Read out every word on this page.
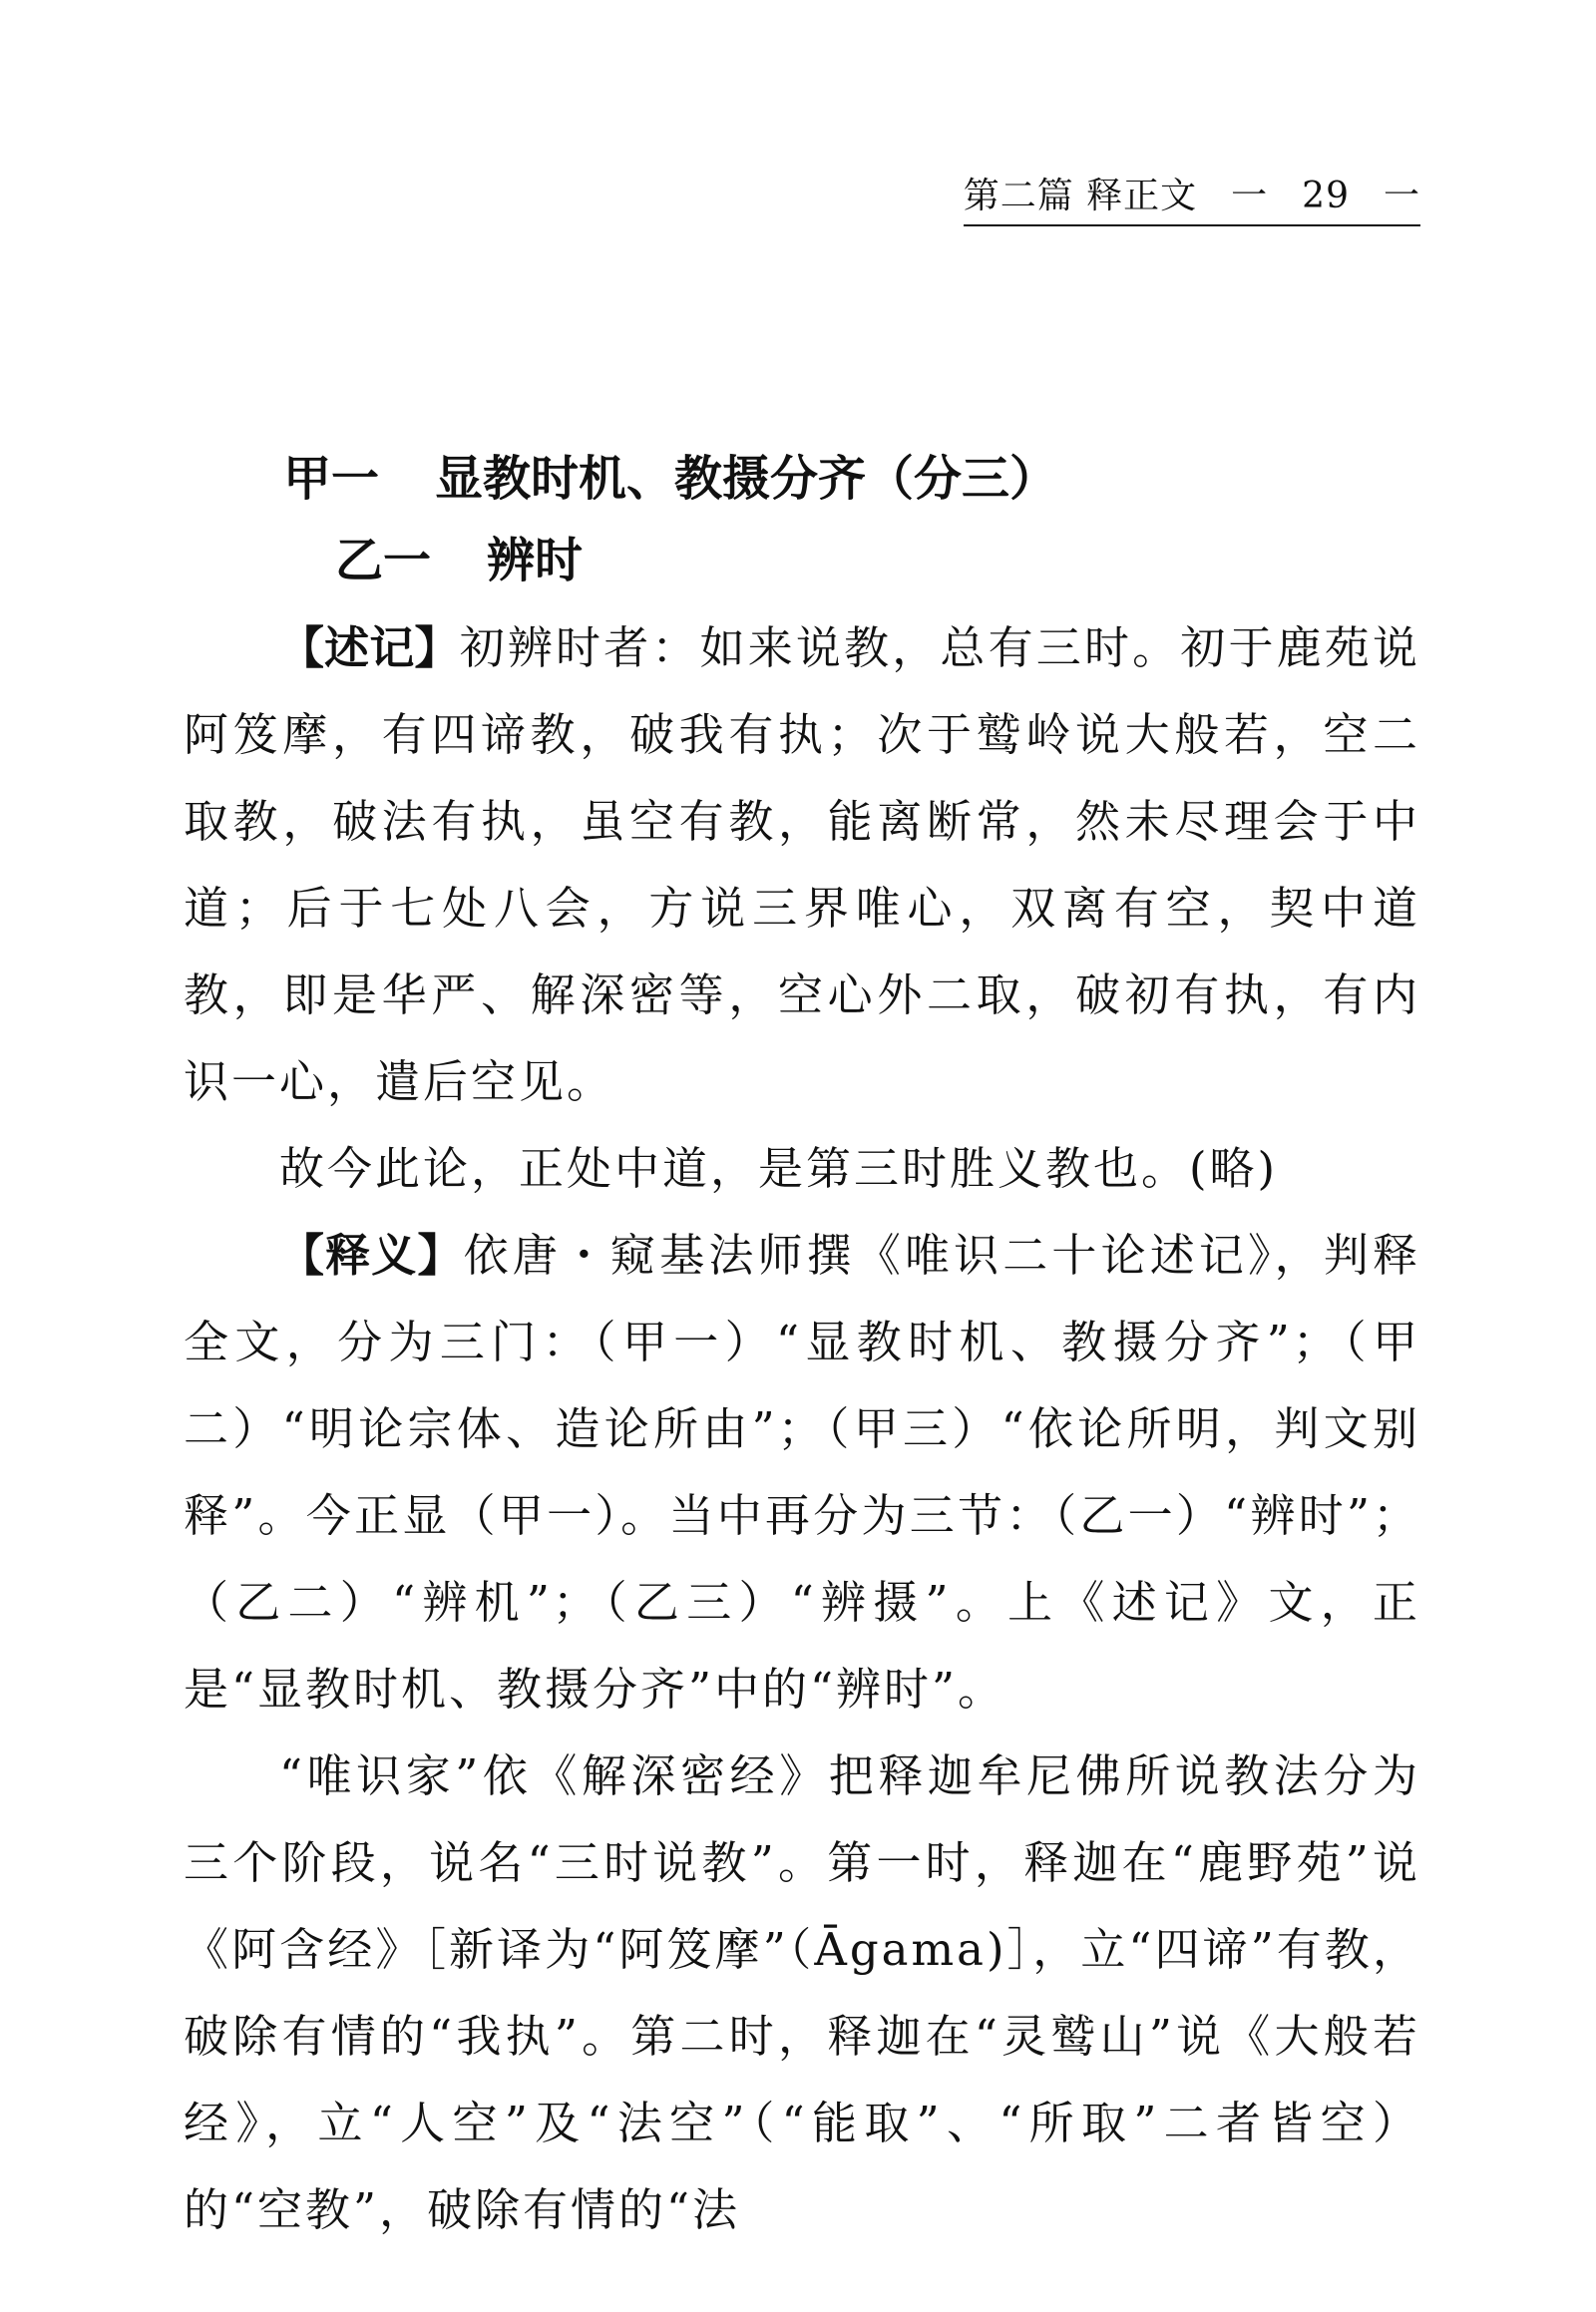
第二篇 释正文 一 29 一
甲一 显教时机、教摄分齐（分三）
乙一 辨时

【述记】初辨时者：如来说教，总有三时。初于鹿苑说阿笈摩，有四谛教，破我有执；次于鹫岭说大般若，空二取教，破法有执，虽空有教，能离断常，然未尽理会于中道；后于七处八会，方说三界唯心，双离有空，契中道教，即是华严、解深密等，空心外二取，破初有执，有内识一心，遣后空见。

故今此论，正处中道，是第三时胜义教也。(略)

【释义】依唐・窥基法师撰《唯识二十论述记》，判释全文，分为三门：（甲一）“显教时机、教摄分齐”；（甲二）“明论宗体、造论所由”；（甲三）“依论所明，判文别释”。今正显（甲一）。当中再分为三节：（乙一）“辨时”；（乙二）“辨机”；（乙三）“辨摄”。上《述记》文，正是“显教时机、教摄分齐”中的“辨时”。

“唯识家”依《解深密经》把释迦牟尼佛所说教法分为三个阶段，说名“三时说教”。第一时，释迦在“鹿野苑”说《阿含经》［新译为“阿笈摩”（Āgama)］，立“四谛”有教，破除有情的“我执”。第二时，释迦在“灵鹫山”说《大般若经》，立“人空”及“法空”（“能取”、“所取”二者皆空）的“空教”，破除有情的“法
